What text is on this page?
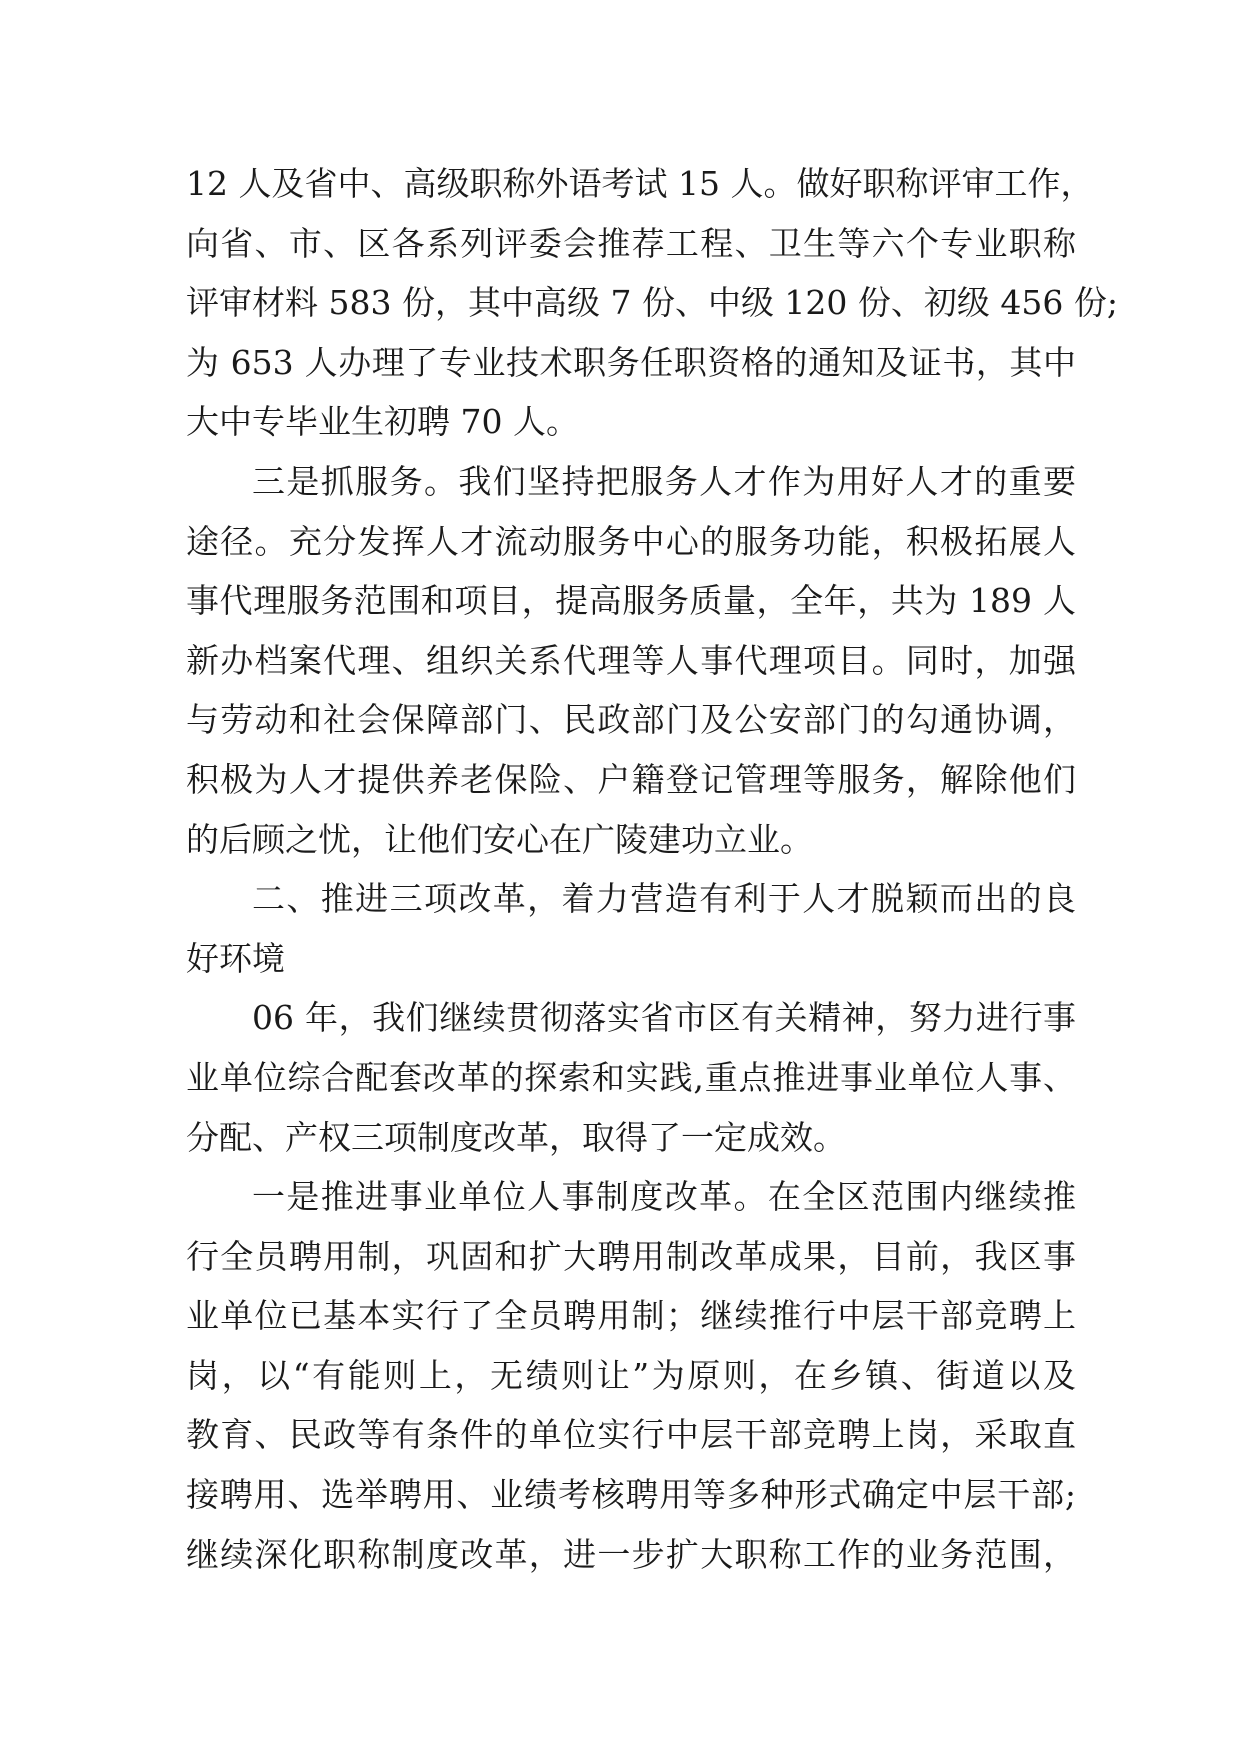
12 人及省中、高级职称外语考试 15 人。做好职称评审工作，
向省、市、区各系列评委会推荐工程、卫生等六个专业职称
评审材料 583 份，其中高级 7 份、中级 120 份、初级 456 份;
为 653 人办理了专业技术职务任职资格的通知及证书，其中
大中专毕业生初聘 70 人。
三是抓服务。我们坚持把服务人才作为用好人才的重要
途径。充分发挥人才流动服务中心的服务功能，积极拓展人
事代理服务范围和项目，提高服务质量，全年，共为 189 人
新办档案代理、组织关系代理等人事代理项目。同时，加强
与劳动和社会保障部门、民政部门及公安部门的勾通协调，
积极为人才提供养老保险、户籍登记管理等服务，解除他们
的后顾之忧，让他们安心在广陵建功立业。
二、推进三项改革，着力营造有利于人才脱颖而出的良
好环境
06 年，我们继续贯彻落实省市区有关精神，努力进行事
业单位综合配套改革的探索和实践,重点推进事业单位人事、
分配、产权三项制度改革，取得了一定成效。
一是推进事业单位人事制度改革。在全区范围内继续推
行全员聘用制，巩固和扩大聘用制改革成果，目前，我区事
业单位已基本实行了全员聘用制；继续推行中层干部竞聘上
岗，以“有能则上，无绩则让”为原则，在乡镇、街道以及
教育、民政等有条件的单位实行中层干部竞聘上岗，采取直
接聘用、选举聘用、业绩考核聘用等多种形式确定中层干部;
继续深化职称制度改革，进一步扩大职称工作的业务范围，
